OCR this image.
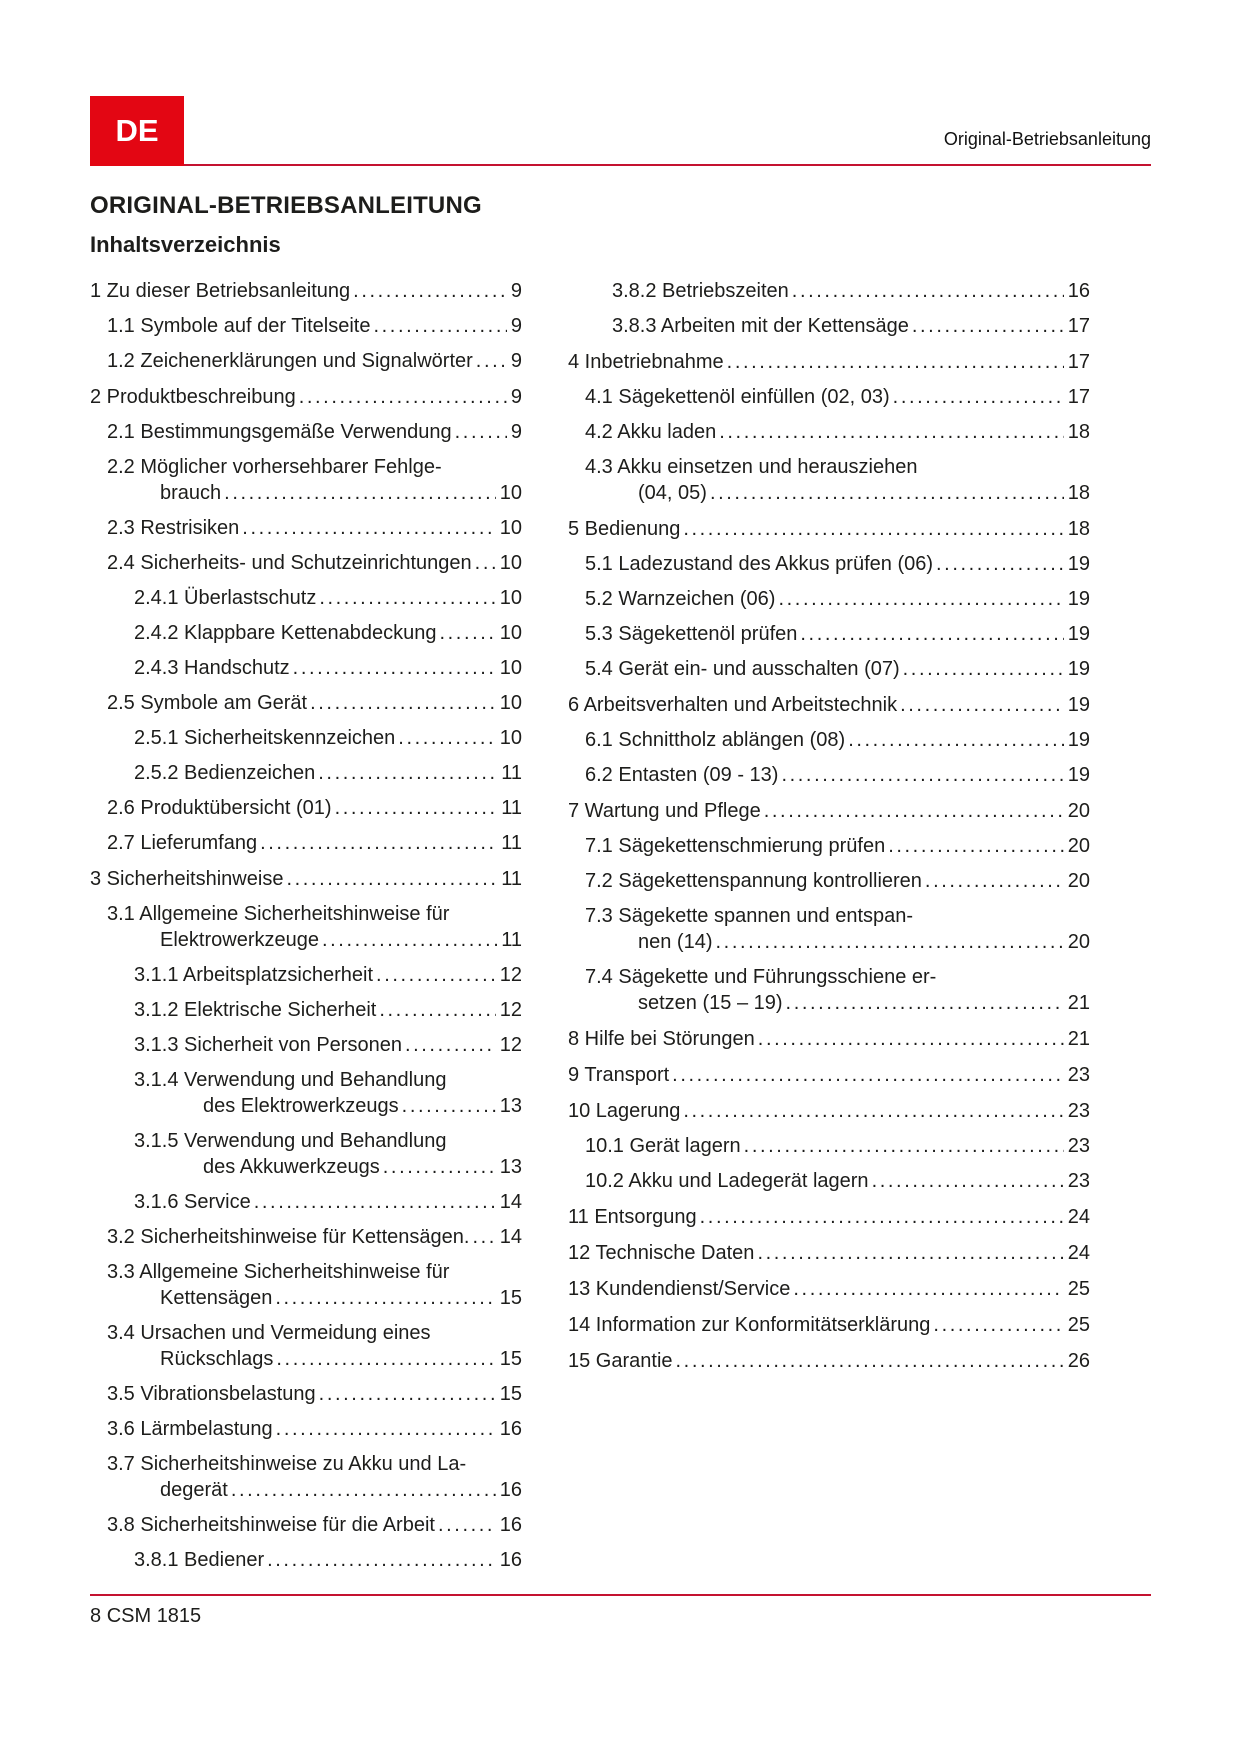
DE	Original-Betriebsanleitung
ORIGINAL-BETRIEBSANLEITUNG
Inhaltsverzeichnis
1 Zu dieser Betriebsanleitung .....	9
1.1 Symbole auf der Titelseite .....	9
1.2 Zeichenerklärungen und Signalwörter ..... 9
2 Produktbeschreibung .....	9
2.1 Bestimmungsgemäße Verwendung .....	9
2.2 Möglicher vorhersehbarer Fehlge-
brauch .....	10
2.3 Restrisiken .....	10
2.4 Sicherheits- und Schutzeinrichtungen ..... 10
2.4.1 Überlastschutz .....	10
2.4.2 Klappbare Kettenabdeckung .....	10
2.4.3 Handschutz .....	10
2.5 Symbole am Gerät .....	10
2.5.1 Sicherheitskennzeichen .....	10
2.5.2 Bedienzeichen .....	11
2.6 Produktübersicht (01) .....	11
2.7 Lieferumfang .....	11
3 Sicherheitshinweise .....	11
3.1 Allgemeine Sicherheitshinweise für
Elektrowerkzeuge .....	11
3.1.1 Arbeitsplatzsicherheit .....	12
3.1.2 Elektrische Sicherheit .....	12
3.1.3 Sicherheit von Personen .....	12
3.1.4 Verwendung und Behandlung
des Elektrowerkzeugs .....	13
3.1.5 Verwendung und Behandlung
des Akkuwerkzeugs .....	13
3.1.6 Service .....	14
3.2 Sicherheitshinweise für Kettensägen. ..... 14
3.3 Allgemeine Sicherheitshinweise für
Kettensägen .....	15
3.4 Ursachen und Vermeidung eines
Rückschlags .....	15
3.5 Vibrationsbelastung .....	15
3.6 Lärmbelastung .....	16
3.7 Sicherheitshinweise zu Akku und La-
degerät .....	16
3.8 Sicherheitshinweise für die Arbeit .....	16
3.8.1 Bediener .....	16
3.8.2 Betriebszeiten .....	16
3.8.3 Arbeiten mit der Kettensäge .....	17
4 Inbetriebnahme .....	17
4.1 Sägekettenöl einfüllen (02, 03) .....	17
4.2 Akku laden .....	18
4.3 Akku einsetzen und herausziehen
(04, 05) .....	18
5 Bedienung .....	18
5.1 Ladezustand des Akkus prüfen (06) .....	19
5.2 Warnzeichen (06) .....	19
5.3 Sägekettenöl prüfen .....	19
5.4 Gerät ein- und ausschalten (07) .....	19
6 Arbeitsverhalten und Arbeitstechnik .....	19
6.1 Schnittholz ablängen (08) .....	19
6.2 Entasten (09 - 13) .....	19
7 Wartung und Pflege .....	20
7.1 Sägekettenschmierung prüfen .....	20
7.2 Sägekettenspannung kontrollieren .....	20
7.3 Sägekette spannen und entspan-
nen (14) .....	20
7.4 Sägekette und Führungsschiene er-
setzen (15 – 19) .....	21
8 Hilfe bei Störungen .....	21
9 Transport .....	23
10 Lagerung .....	23
10.1 Gerät lagern .....	23
10.2 Akku und Ladegerät lagern .....	23
11 Entsorgung .....	24
12 Technische Daten .....	24
13 Kundendienst/Service .....	25
14 Information zur Konformitätserklärung .....	25
15 Garantie .....	26
8 CSM 1815
